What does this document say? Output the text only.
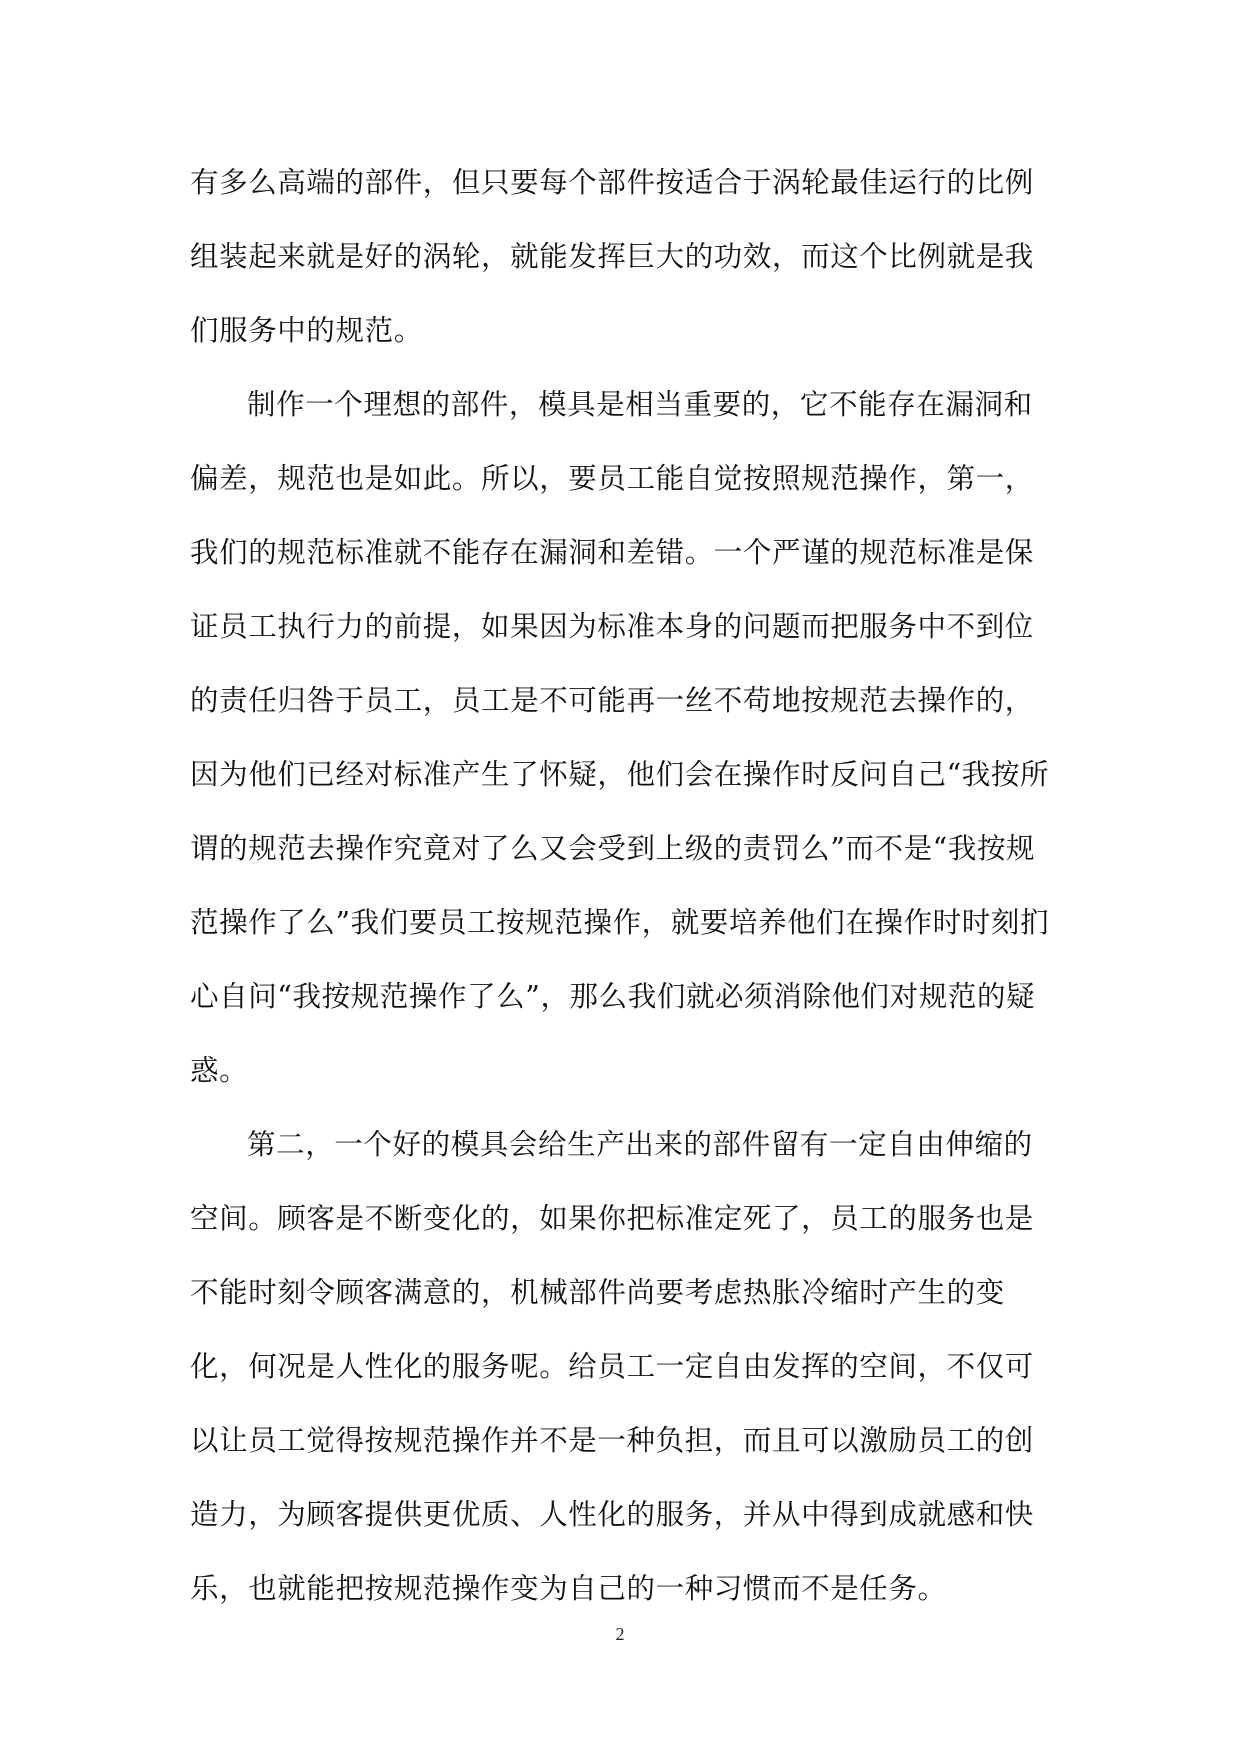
有多么高端的部件，但只要每个部件按适合于涡轮最佳运行的比例组装起来就是好的涡轮，就能发挥巨大的功效，而这个比例就是我们服务中的规范。

制作一个理想的部件，模具是相当重要的，它不能存在漏洞和偏差，规范也是如此。所以，要员工能自觉按照规范操作，第一，我们的规范标准就不能存在漏洞和差错。一个严谨的规范标准是保证员工执行力的前提，如果因为标准本身的问题而把服务中不到位的责任归咎于员工，员工是不可能再一丝不苟地按规范去操作的，因为他们已经对标准产生了怀疑，他们会在操作时反问自己“我按所谓的规范去操作究竟对了么又会受到上级的责罚么”而不是“我按规范操作了么”我们要员工按规范操作，就要培养他们在操作时时刻扪心自问“我按规范操作了么”，那么我们就必须消除他们对规范的疑惑。

第二，一个好的模具会给生产出来的部件留有一定自由伸缩的空间。顾客是不断变化的，如果你把标准定死了，员工的服务也是不能时刻令顾客满意的，机械部件尚要考虑热胀冷缩时产生的变化，何况是人性化的服务呢。给员工一定自由发挥的空间，不仅可以让员工觉得按规范操作并不是一种负担，而且可以激励员工的创造力，为顾客提供更优质、人性化的服务，并从中得到成就感和快乐，也就能把按规范操作变为自己的一种习惯而不是任务。

2
